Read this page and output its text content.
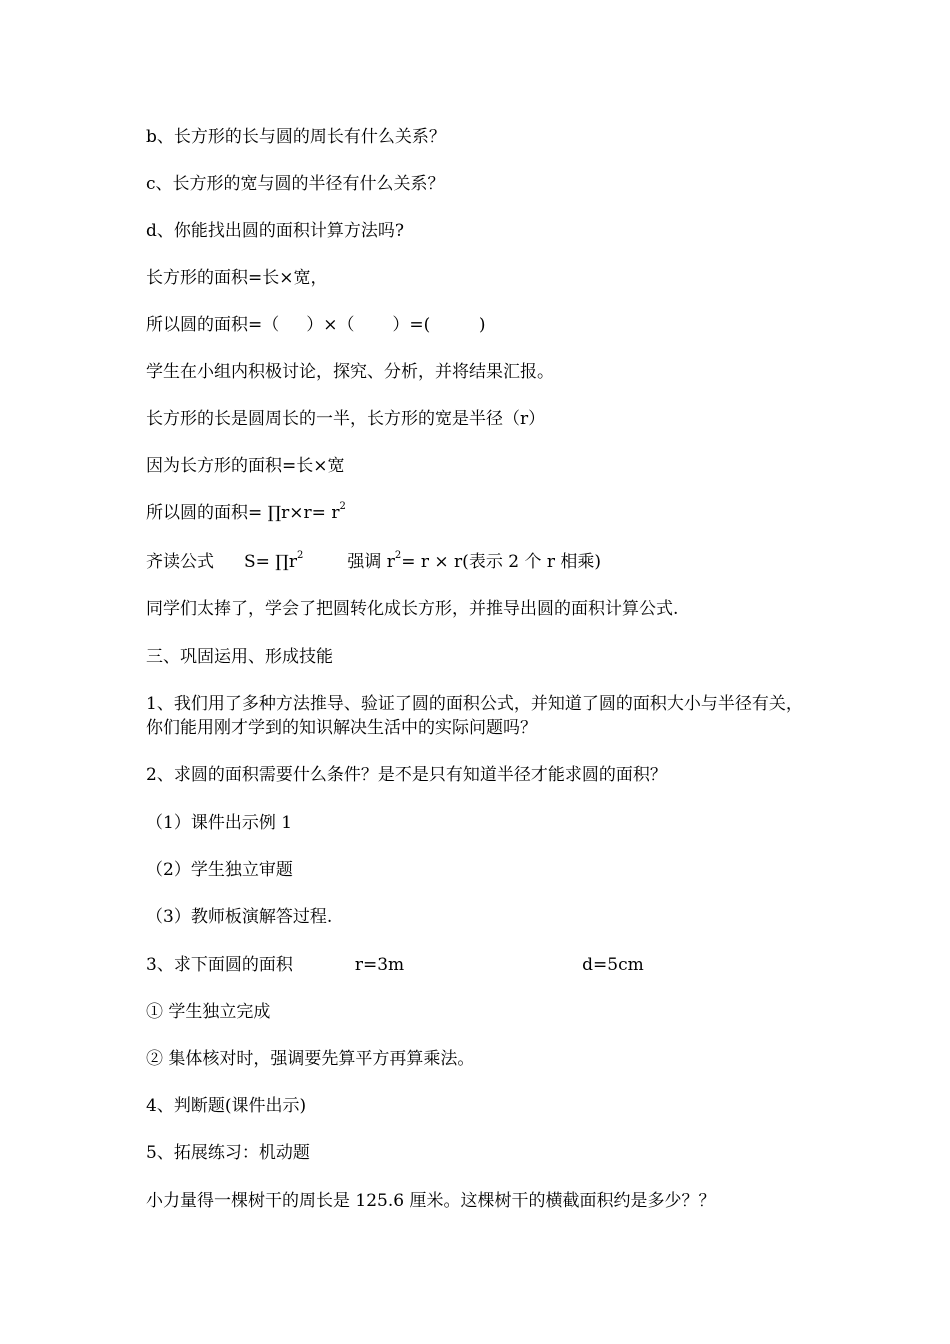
b、长方形的长与圆的周长有什么关系？
c、长方形的宽与圆的半径有什么关系？
d、你能找出圆的面积计算方法吗?
长方形的面积=长×宽，
所以圆的面积=（     ）×（       ）=(         )
学生在小组内积极讨论，探究、分析，并将结果汇报。
长方形的长是圆周长的一半，长方形的宽是半径（r）
因为长方形的面积=长×宽
所以圆的面积= ∏r×r= $r^2$
齐读公式 $S= \prod r^2$	强调 $r^2= r \times r$(表示 2 个 r 相乘)
同学们太捧了，学会了把圆转化成长方形，并推导出圆的面积计算公式.
三、巩固运用、形成技能
1、我们用了多种方法推导、验证了圆的面积公式，并知道了圆的面积大小与半径有关，你们能用刚才学到的知识解决生活中的实际问题吗？
2、求圆的面积需要什么条件？是不是只有知道半径才能求圆的面积？
（1）课件出示例 1
（2）学生独立审题
（3）教师板演解答过程.
3、求下面圆的面积	r=3m	d=5cm
① 学生独立完成
② 集体核对时，强调要先算平方再算乘法。
4、判断题(课件出示)
5、拓展练习：机动题
小力量得一棵树干的周长是 125.6 厘米。这棵树干的横截面积约是多少？？
